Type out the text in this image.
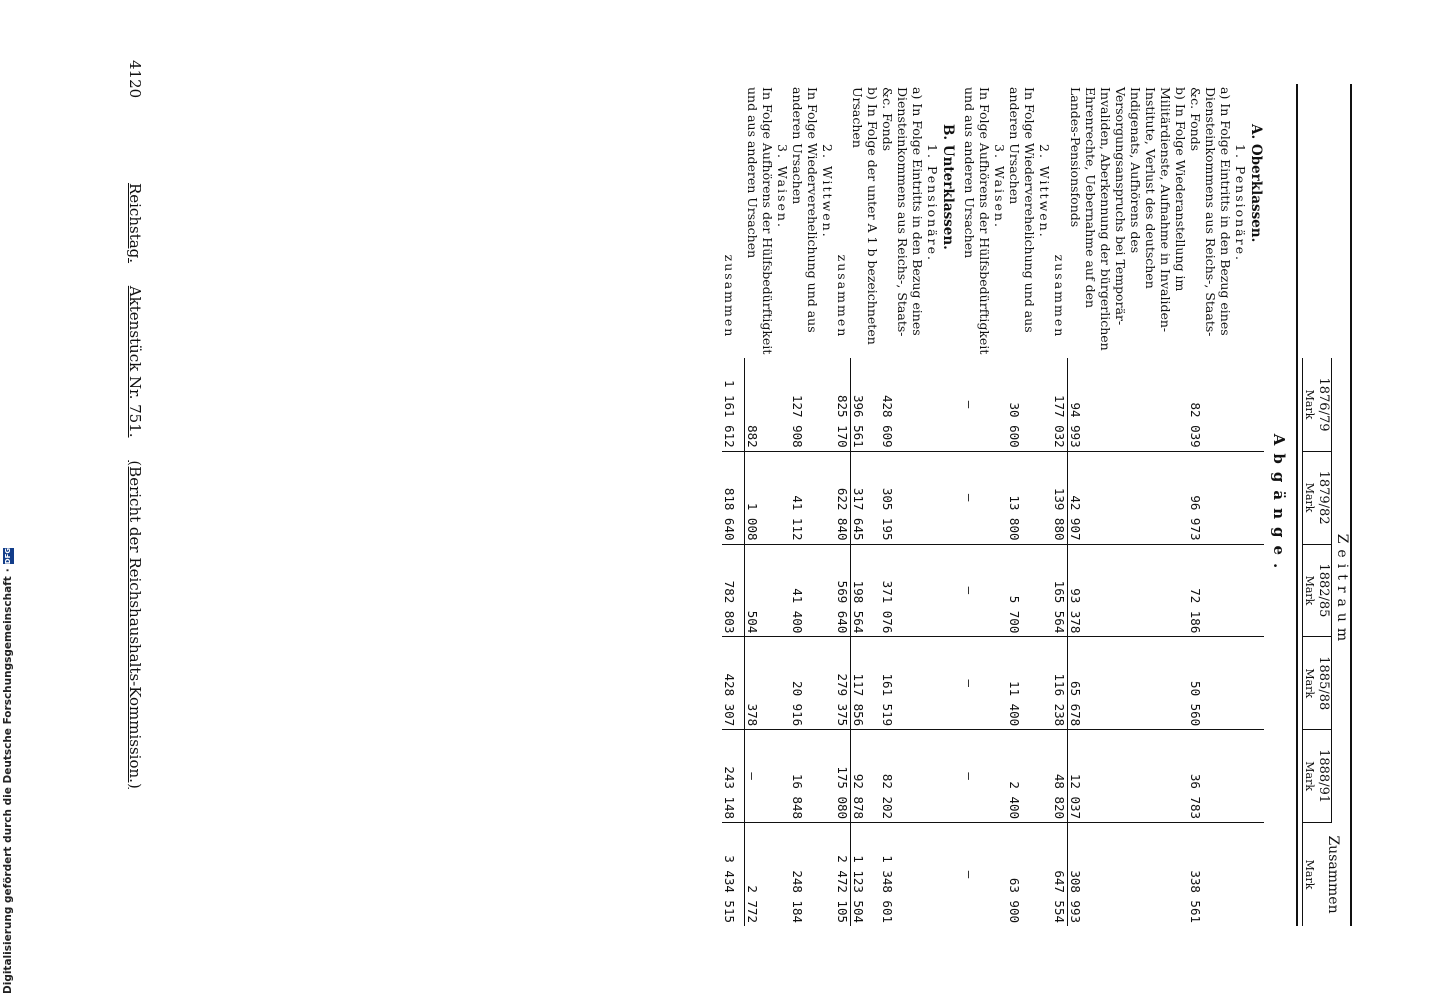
4120 Reichstag. Aktenstück Nr. 751. (Bericht der Reichshaushalts-Kommission.)

		Zeitraum					Zusammen
	1876/79	1879/82	1882/85	1885/88	1888/91	
	Mark	Mark	Mark	Mark	Mark	Mark

Abgänge.						
A. Oberklassen.						
1. Pensionäre.						
a) In Folge Eintritts in den Bezug eines Diensteinkommens aus Reichs-, Staats- &c. Fonds	82 039	96 973	72 186	50 560	36 783	338 561
b) In Folge Wiederanstellung im Militärdienste, Aufnahme in Invaliden-Institute, Verlust des deutschen Indigenats, Aufhörens des Versorgungsanspruchs bei Temporär-Invaliden, Aberkennung der bürgerlichen Ehrenrechte, Uebernahme auf den Landes-Pensionsfonds	94 993	42 907	93 378	65 678	12 037	308 993
zusammen	177 032	139 880	165 564	116 238	48 820	647 554
2. Wittwen.						
In Folge Wiederverehelichung und aus anderen Ursachen	30 600	13 800	5 700	11 400	2 400	63 900
3. Waisen.						
In Folge Aufhörens der Hülfsbedürftigkeit und aus anderen Ursachen	—	—	—	—	—	—
B. Unterklassen.						
1. Pensionäre.						
a) In Folge Eintritts in den Bezug eines Diensteinkommens aus Reichs-, Staats- &c. Fonds	428 609	305 195	371 076	161 519	82 202	1 348 601
b) In Folge der unter A 1 b bezeichneten Ursachen	396 561	317 645	198 564	117 856	92 878	1 123 504
zusammen	825 170	622 840	569 640	279 375	175 080	2 472 105
2. Wittwen.						
In Folge Wiederverehelichung und aus anderen Ursachen	127 908	41 112	41 400	20 916	16 848	248 184
3. Waisen.						
In Folge Aufhörens der Hülfsbedürftigkeit und aus anderen Ursachen	882	1 008	504	378	—	2 772
zusammen	1 161 612	818 640	782 803	428 307	243 148	3 434 515
Digitalisierung gefördert durch die Deutsche Forschungsgemeinschaft
·
DFG
